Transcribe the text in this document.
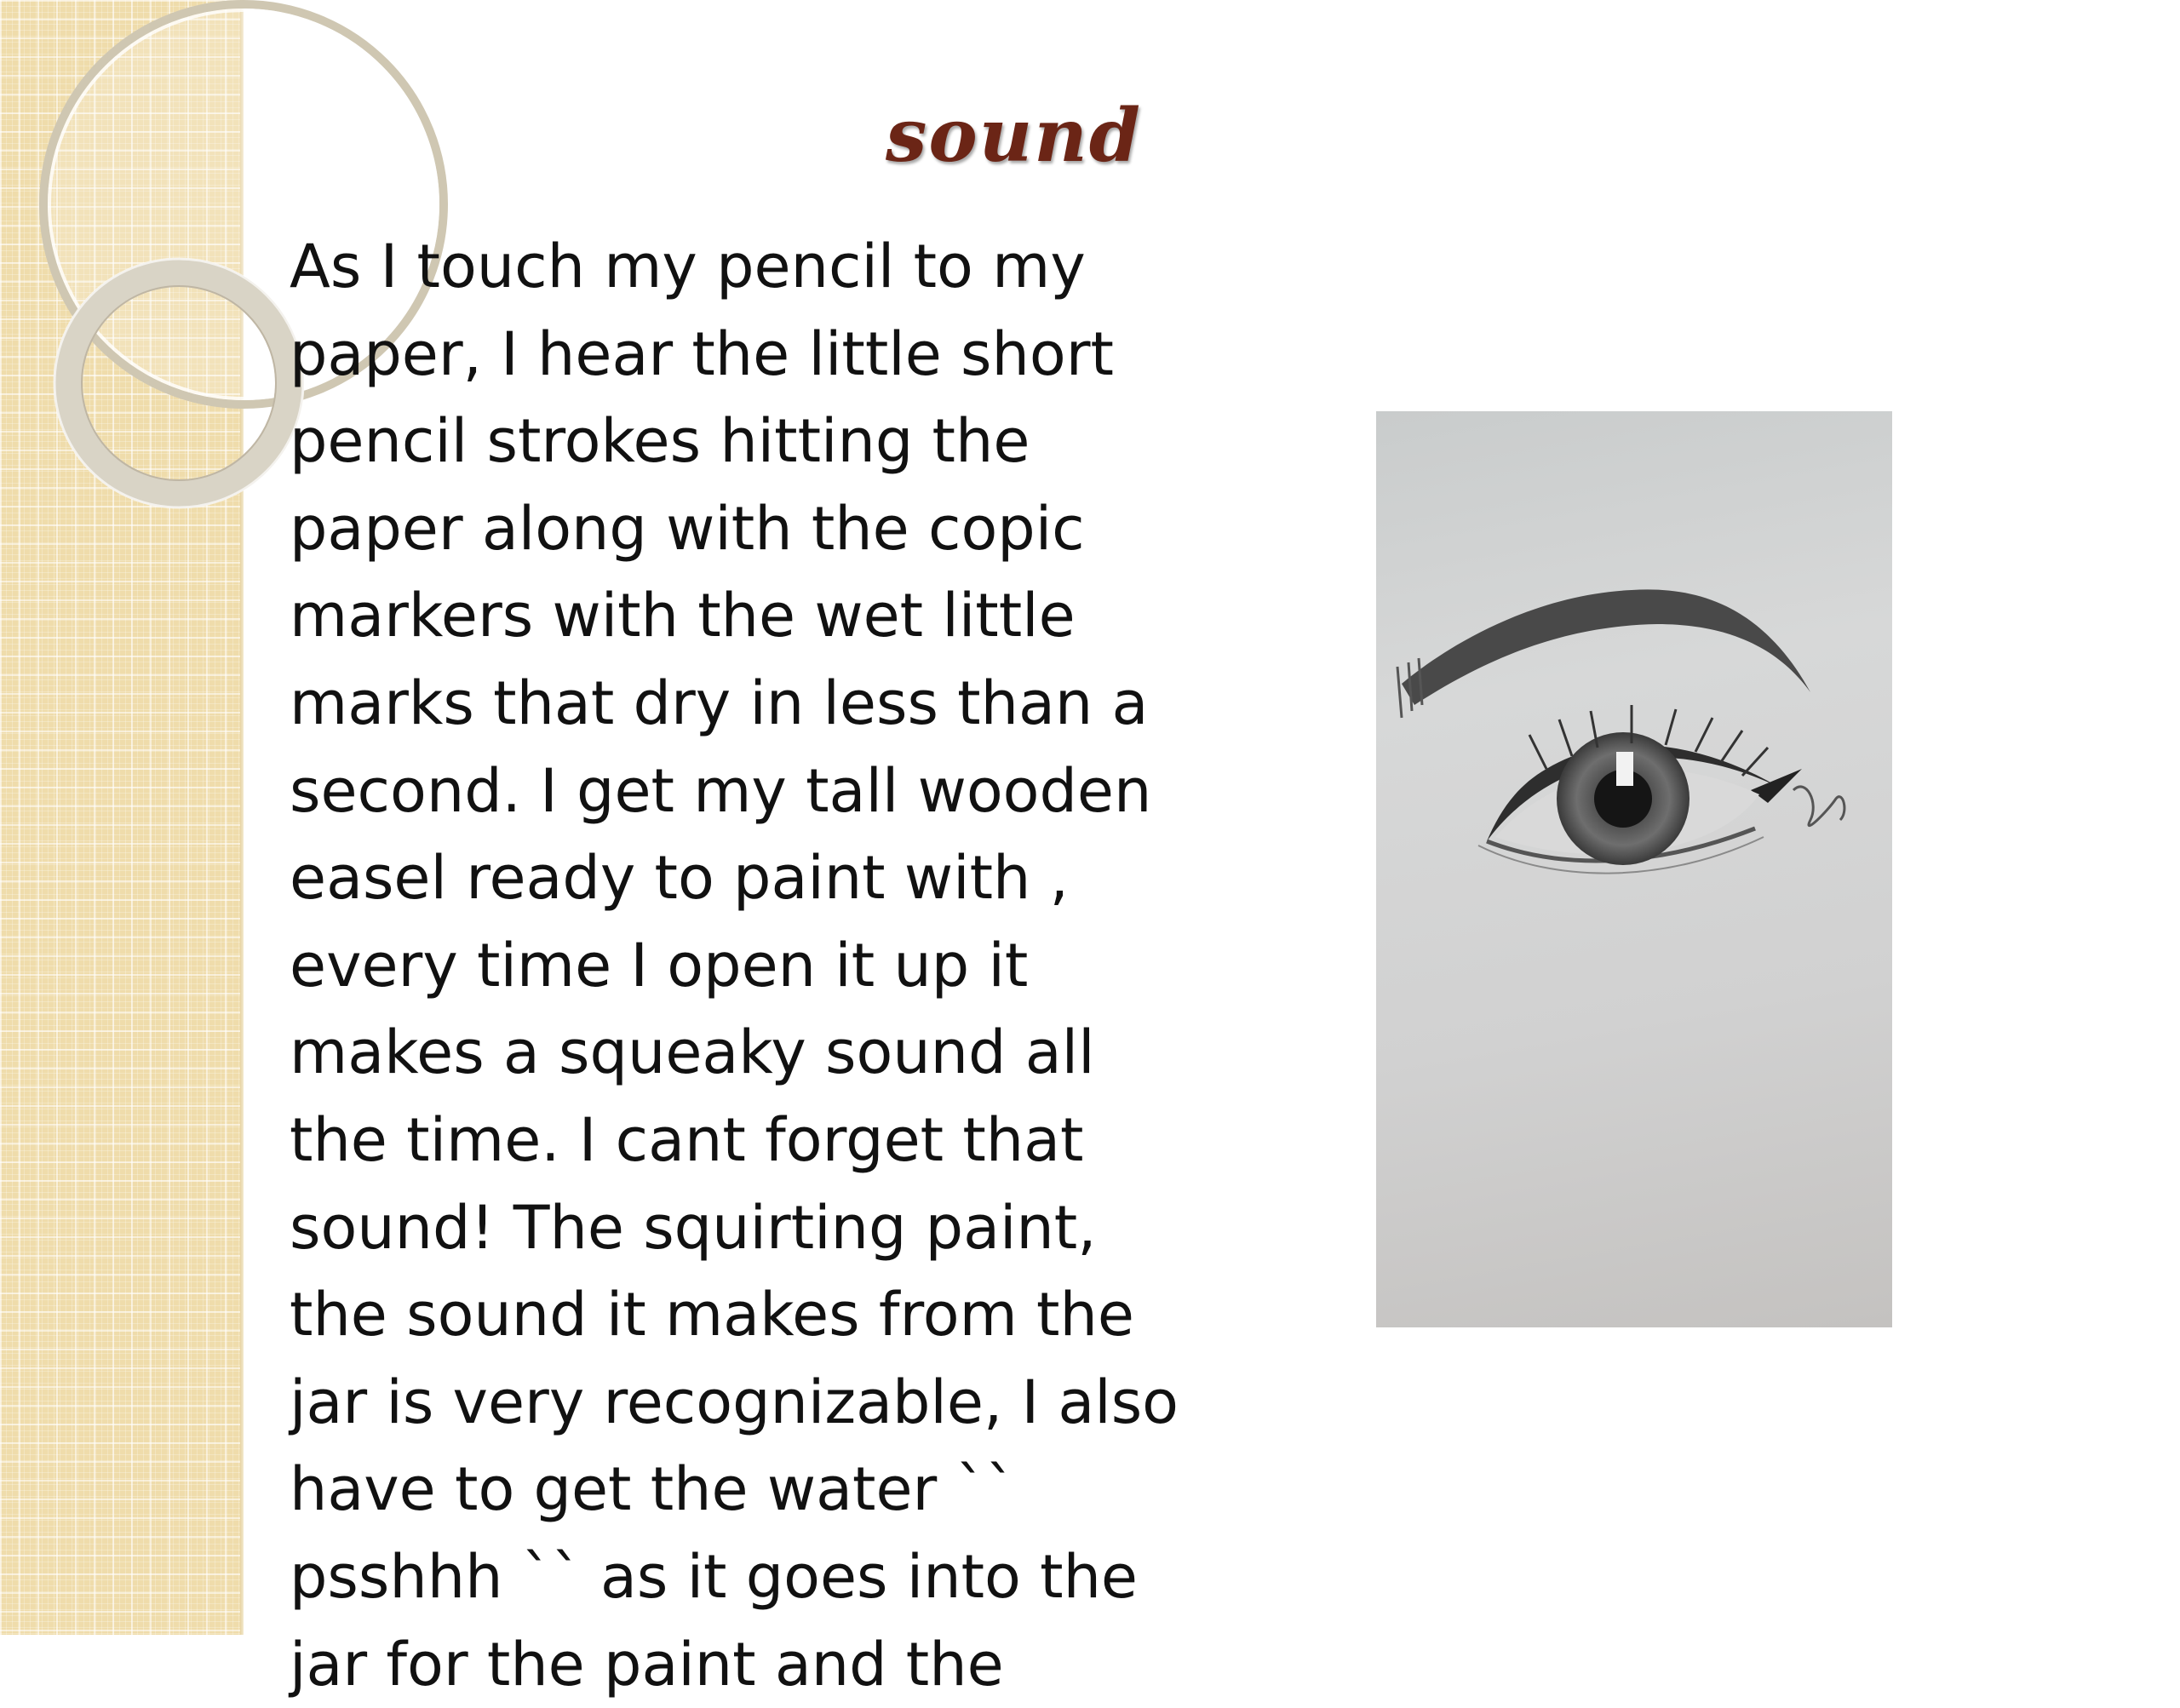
sound
As I touch my pencil to my
paper, I hear the little short
pencil strokes hitting the
paper along with the copic
markers with the wet little
marks that dry in less than a
second. I get my tall wooden
easel ready to paint with ,
every time I open it up it
makes a squeaky sound all
the time. I cant forget that
sound! The squirting paint,
the sound it makes from the
jar is very recognizable, I also
have to get the water ``
psshhh `` as it goes into the
jar for the paint and the
